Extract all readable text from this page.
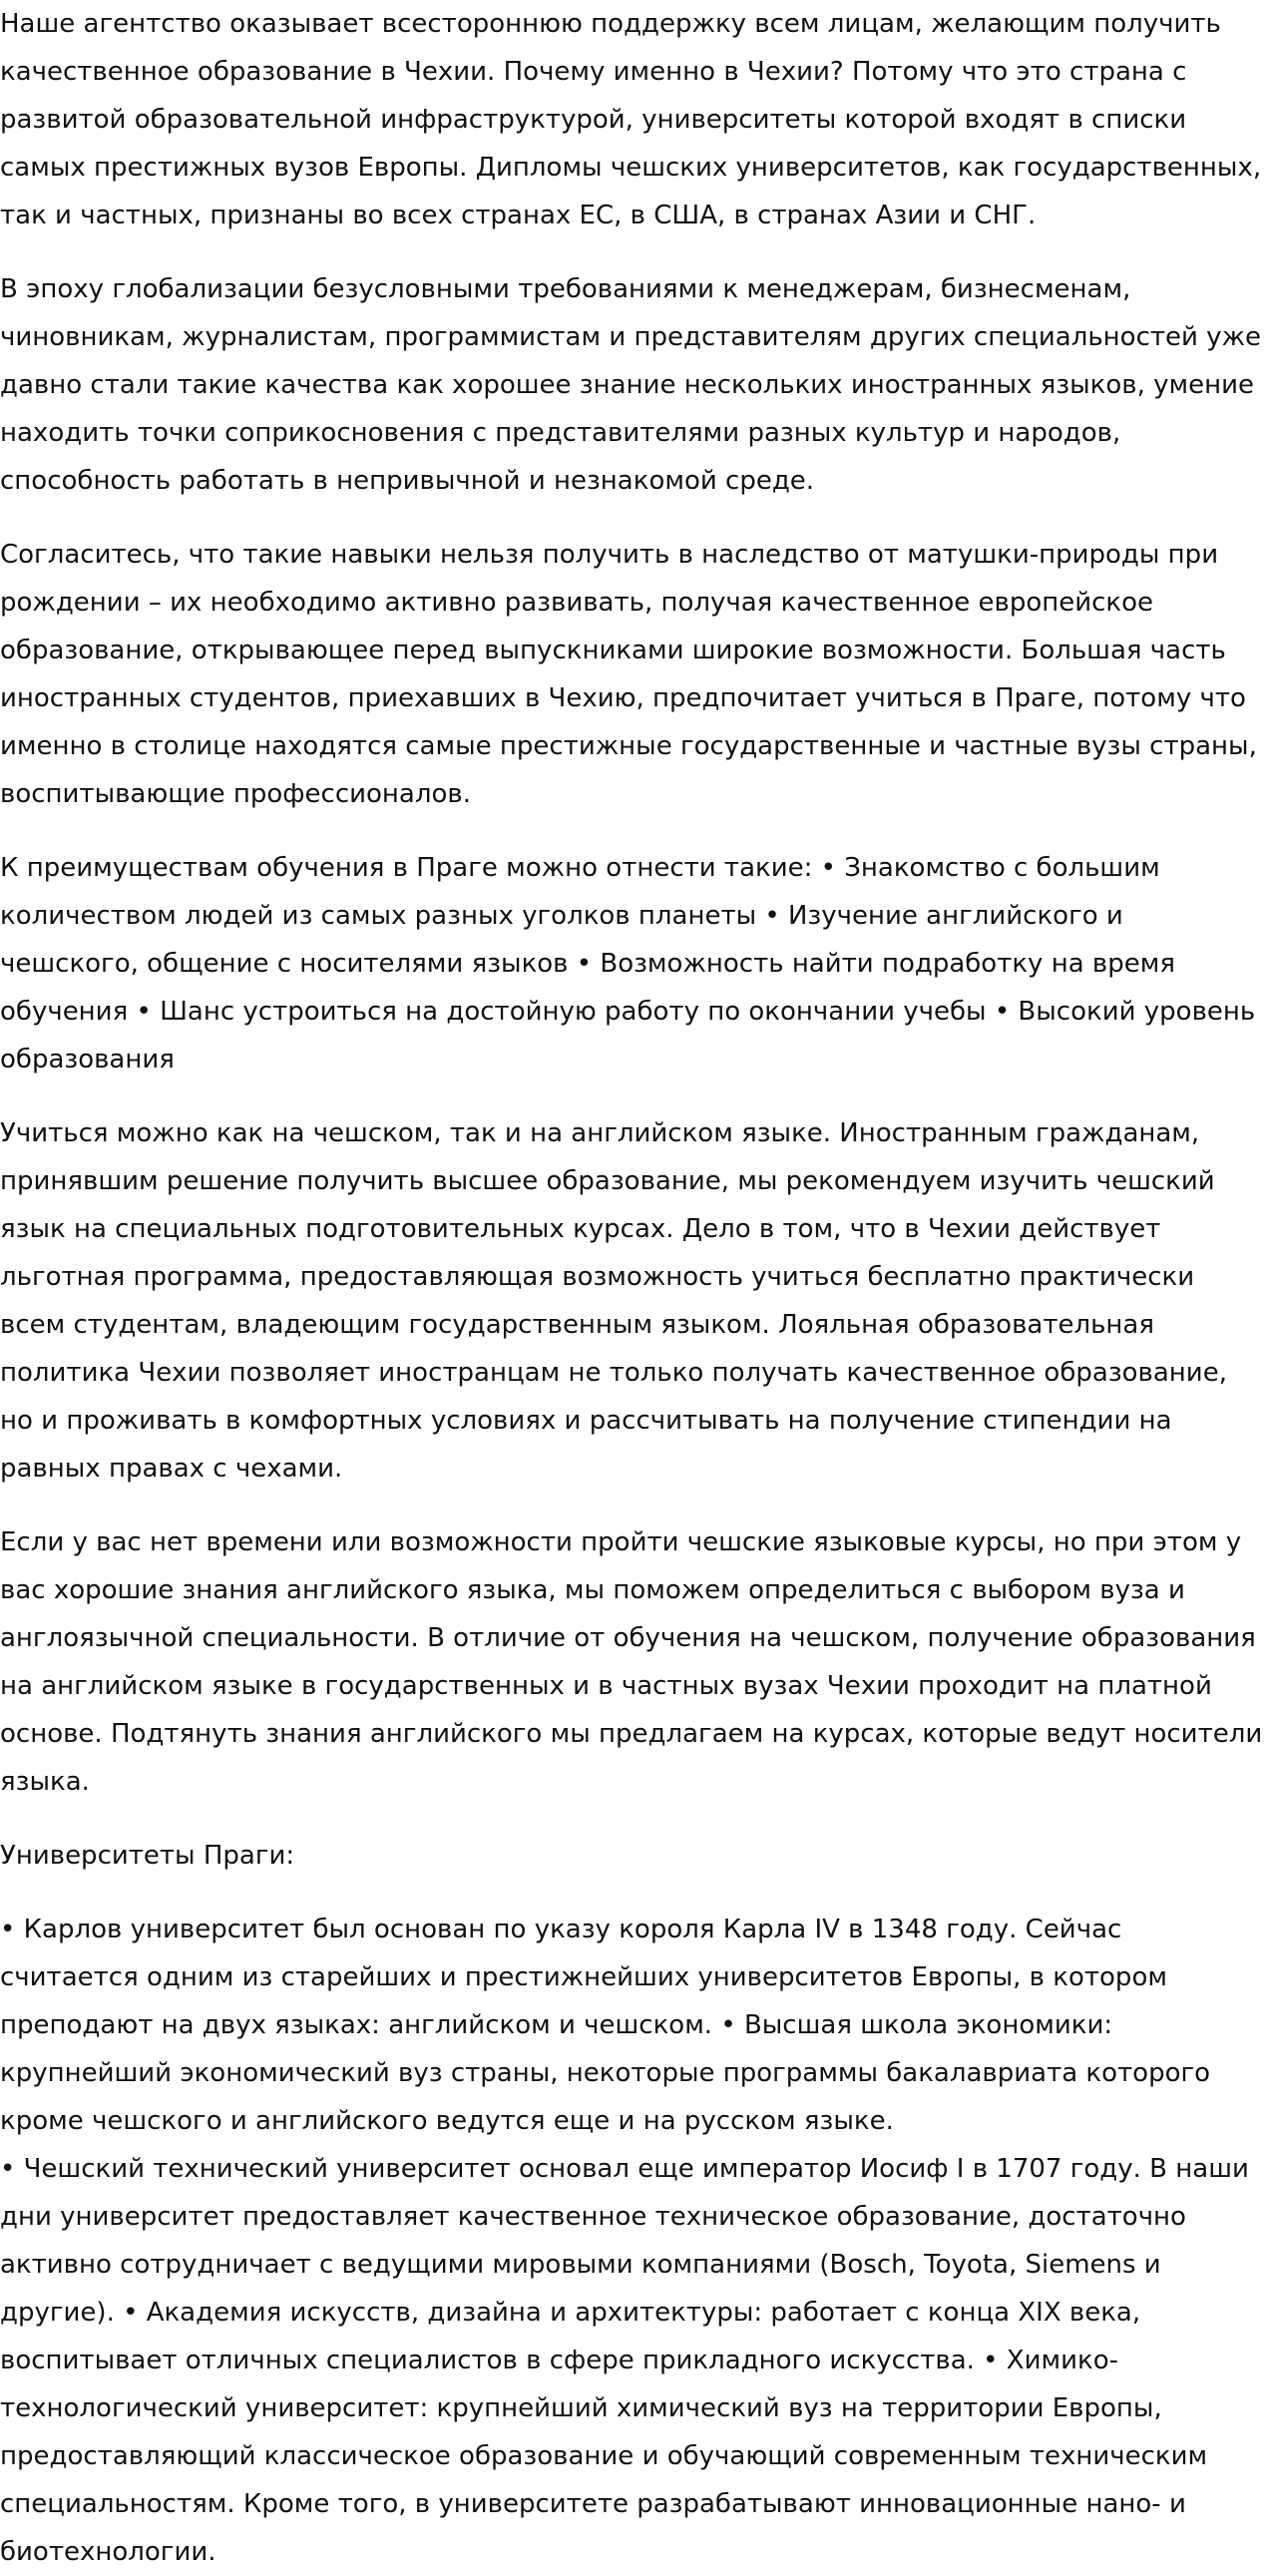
Наше агентство оказывает всестороннюю поддержку всем лицам, желающим получить качественное образование в Чехии. Почему именно в Чехии? Потому что это страна с развитой образовательной инфраструктурой, университеты которой входят в списки самых престижных вузов Европы. Дипломы чешских университетов, как государственных, так и частных, признаны во всех странах ЕС, в США, в странах Азии и СНГ.

В эпоху глобализации безусловными требованиями к менеджерам, бизнесменам, чиновникам, журналистам, программистам и представителям других специальностей уже давно стали такие качества как хорошее знание нескольких иностранных языков, умение находить точки соприкосновения с представителями разных культур и народов, способность работать в непривычной и незнакомой среде.

Согласитесь, что такие навыки нельзя получить в наследство от матушки-природы при рождении – их необходимо активно развивать, получая качественное европейское образование, открывающее перед выпускниками широкие возможности. Большая часть иностранных студентов, приехавших в Чехию, предпочитает учиться в Праге, потому что именно в столице находятся самые престижные государственные и частные вузы страны, воспитывающие профессионалов.

К преимуществам обучения в Праге можно отнести такие: • Знакомство с большим количеством людей из самых разных уголков планеты • Изучение английского и чешского, общение с носителями языков • Возможность найти подработку на время обучения • Шанс устроиться на достойную работу по окончании учебы • Высокий уровень образования

Учиться можно как на чешском, так и на английском языке. Иностранным гражданам, принявшим решение получить высшее образование, мы рекомендуем изучить чешский язык на специальных подготовительных курсах. Дело в том, что в Чехии действует льготная программа, предоставляющая возможность учиться бесплатно практически всем студентам, владеющим государственным языком. Лояльная образовательная политика Чехии позволяет иностранцам не только получать качественное образование, но и проживать в комфортных условиях и рассчитывать на получение стипендии на равных правах с чехами.

Если у вас нет времени или возможности пройти чешские языковые курсы, но при этом у вас хорошие знания английского языка, мы поможем определиться с выбором вуза и англоязычной специальности. В отличие от обучения на чешском, получение образования на английском языке в государственных и в частных вузах Чехии проходит на платной основе. Подтянуть знания английского мы предлагаем на курсах, которые ведут носители языка.

Университеты Праги:

• Карлов университет был основан по указу короля Карла IV в 1348 году. Сейчас считается одним из старейших и престижнейших университетов Европы, в котором преподают на двух языках: английском и чешском. • Высшая школа экономики: крупнейший экономический вуз страны, некоторые программы бакалавриата которого кроме чешского и английского ведутся еще и на русском языке.

• Чешский технический университет основал еще император Иосиф I в 1707 году. В наши дни университет предоставляет качественное техническое образование, достаточно активно сотрудничает с ведущими мировыми компаниями (Bosch, Toyota, Siemens и другие). • Академия искусств, дизайна и архитектуры: работает с конца XIX века, воспитывает отличных специалистов в сфере прикладного искусства. • Химико-технологический университет: крупнейший химический вуз на территории Европы, предоставляющий классическое образование и обучающий современным техническим специальностям. Кроме того, в университете разрабатывают инновационные нано- и биотехнологии.
